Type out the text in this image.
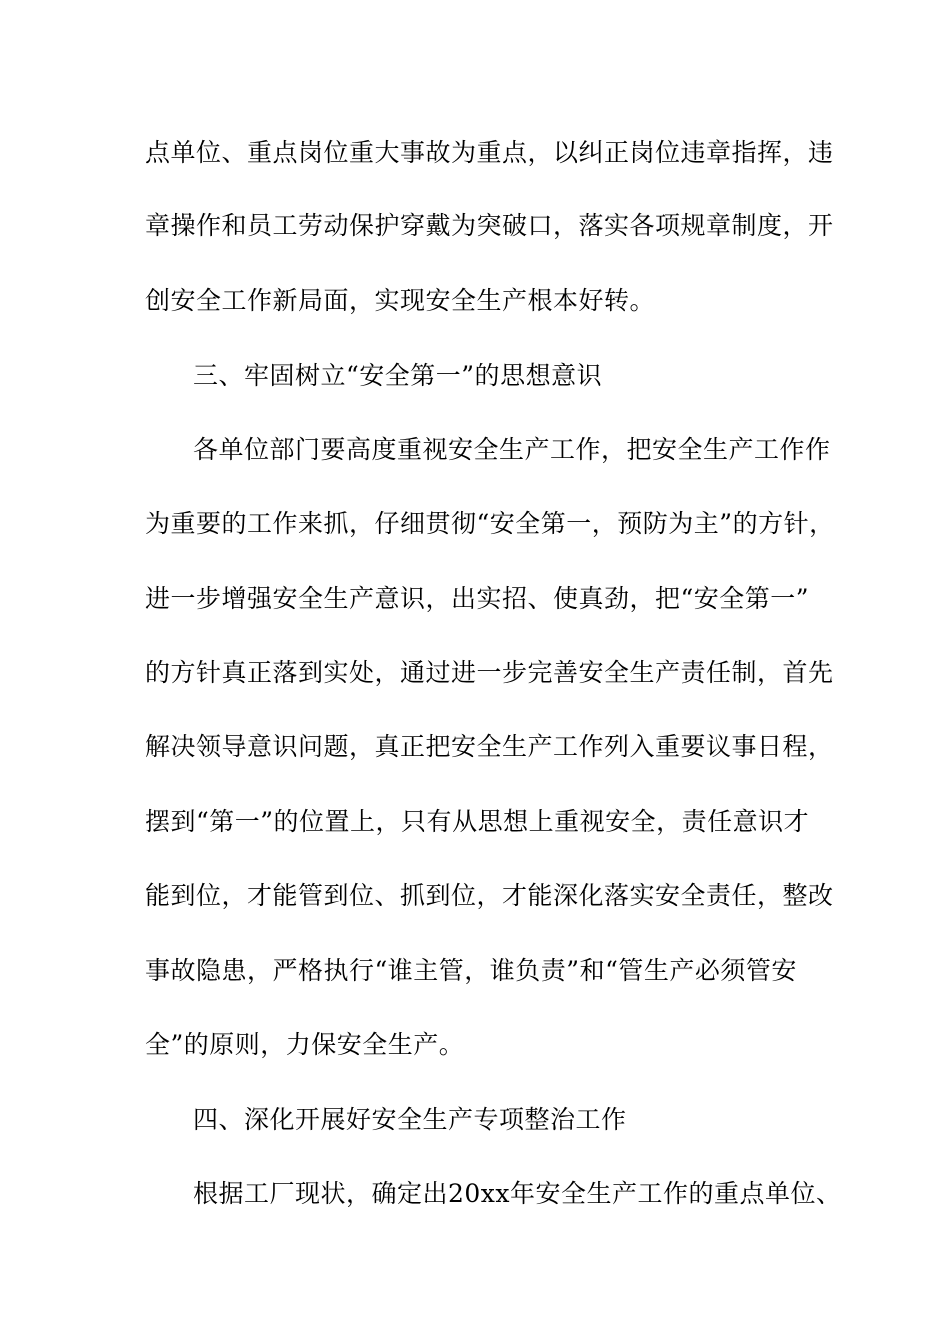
点单位、重点岗位重大事故为重点，以纠正岗位违章指挥，违
章操作和员工劳动保护穿戴为突破口，落实各项规章制度，开
创安全工作新局面，实现安全生产根本好转。
三、牢固树立“安全第一”的思想意识
各单位部门要高度重视安全生产工作，把安全生产工作作
为重要的工作来抓，仔细贯彻“安全第一，预防为主”的方针，
进一步增强安全生产意识，出实招、使真劲，把“安全第一”
的方针真正落到实处，通过进一步完善安全生产责任制，首先
解决领导意识问题，真正把安全生产工作列入重要议事日程，
摆到“第一”的位置上，只有从思想上重视安全，责任意识才
能到位，才能管到位、抓到位，才能深化落实安全责任，整改
事故隐患，严格执行“谁主管，谁负责”和“管生产必须管安
全”的原则，力保安全生产。
四、深化开展好安全生产专项整治工作
根据工厂现状，确定出20xx年安全生产工作的重点单位、
